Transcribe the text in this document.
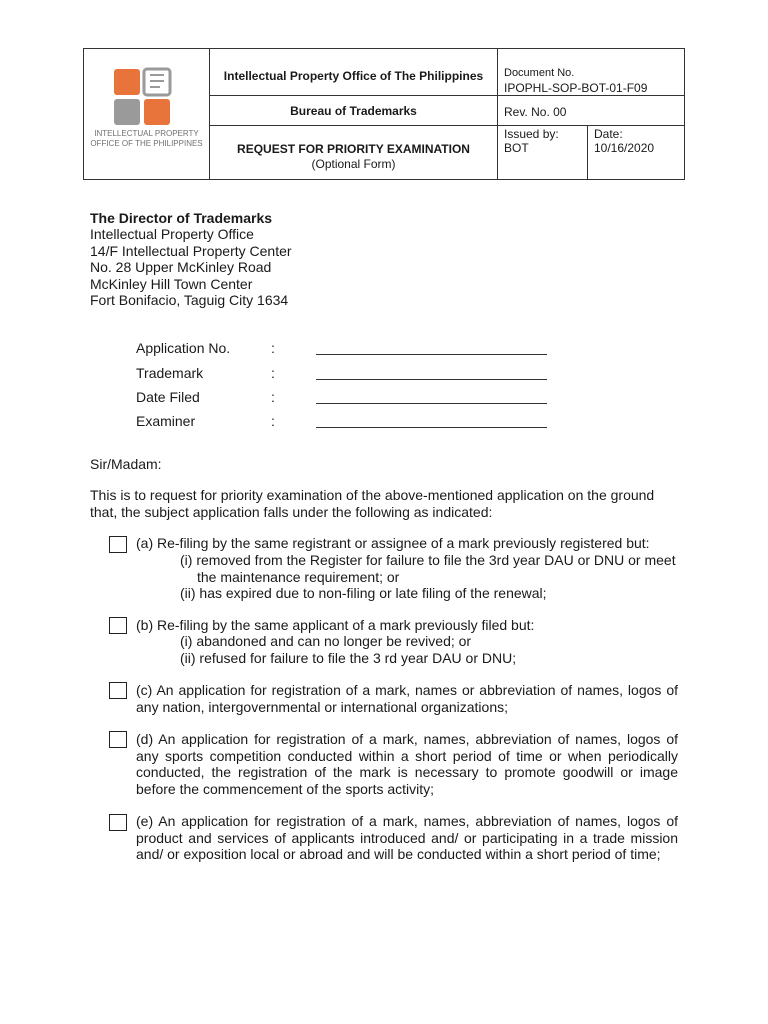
INTELLECTUAL PROPERTY
OFFICE OF THE PHILIPPINES
Intellectual Property Office of The Philippines
Bureau of Trademarks
REQUEST FOR PRIORITY EXAMINATION
(Optional Form)
Document No.
IPOPHL-SOP-BOT-01-F09
Rev. No. 00
Issued by:
BOT
Date:
10/16/2020
The Director of Trademarks
Intellectual Property Office
14/F Intellectual Property Center
No. 28 Upper McKinley Road
McKinley Hill Town Center
Fort Bonifacio, Taguig City 1634
Application No.	:
Trademark	:
Date Filed	:
Examiner	:
Sir/Madam:
This is to request for priority examination of the above-mentioned application on the ground that, the subject application falls under the following as indicated:
(a) Re-filing by the same registrant or assignee of a mark previously registered but:
(i) removed from the Register for failure to file the 3rd year DAU or DNU or meet
the maintenance requirement; or
(ii) has expired due to non-filing or late filing of the renewal;
(b) Re-filing by the same applicant of a mark previously filed but:
(i) abandoned and can no longer be revived; or
(ii) refused for failure to file the 3 rd year DAU or DNU;
(c) An application for registration of a mark, names or abbreviation of names, logos of any nation, intergovernmental or international organizations;
(d) An application for registration of a mark, names, abbreviation of names, logos of any sports competition conducted within a short period of time or when periodically conducted, the registration of the mark is necessary to promote goodwill or image before the commencement of the sports activity;
(e) An application for registration of a mark, names, abbreviation of names, logos of product and services of applicants introduced and/ or participating in a trade mission and/ or exposition local or abroad and will be conducted within a short period of time;
